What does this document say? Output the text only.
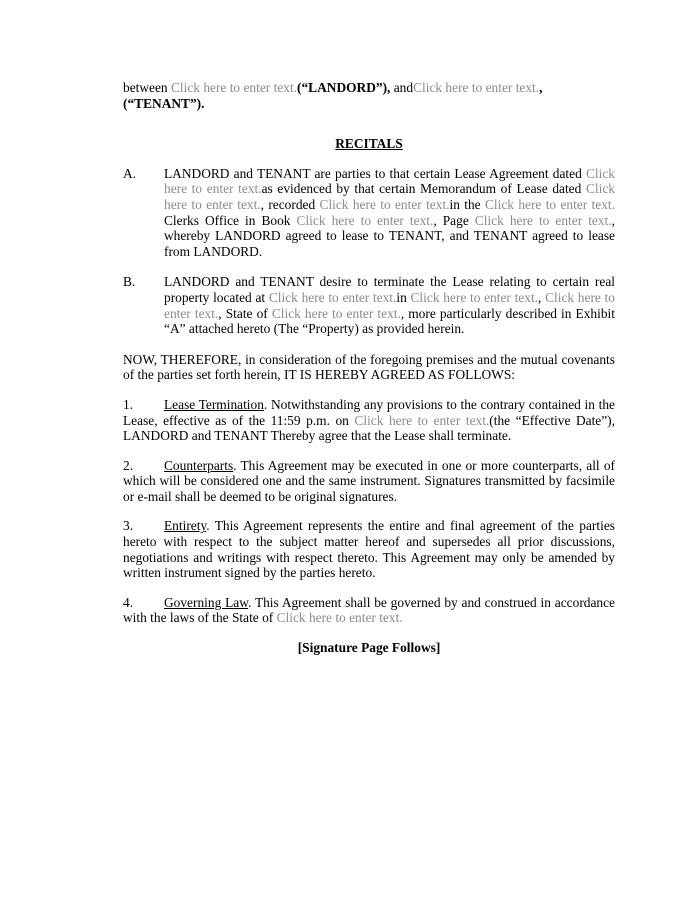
between Click here to enter text.(“LANDORD”), andClick here to enter text.,
(“TENANT”).

RECITALS

A.	LANDORD and TENANT are parties to that certain Lease Agreement dated Click here to enter text.as evidenced by that certain Memorandum of Lease dated Click here to enter text., recorded Click here to enter text.in the Click here to enter text. Clerks Office in Book Click here to enter text., Page Click here to enter text., whereby LANDORD agreed to lease to TENANT, and TENANT agreed to lease from LANDORD.
B.	LANDORD and TENANT desire to terminate the Lease relating to certain real property located at Click here to enter text.in Click here to enter text., Click here to enter text., State of Click here to enter text., more particularly described in Exhibit “A” attached hereto (The “Property) as provided herein.

NOW, THEREFORE, in consideration of the foregoing premises and the mutual covenants of the parties set forth herein, IT IS HEREBY AGREED AS FOLLOWS:

1. Lease Termination. Notwithstanding any provisions to the contrary contained in the Lease, effective as of the 11:59 p.m. on Click here to enter text.(the “Effective Date”), LANDORD and TENANT Thereby agree that the Lease shall terminate.

2. Counterparts. This Agreement may be executed in one or more counterparts, all of which will be considered one and the same instrument. Signatures transmitted by facsimile or e-mail shall be deemed to be original signatures.

3. Entirety. This Agreement represents the entire and final agreement of the parties hereto with respect to the subject matter hereof and supersedes all prior discussions, negotiations and writings with respect thereto. This Agreement may only be amended by written instrument signed by the parties hereto.

4. Governing Law. This Agreement shall be governed by and construed in accordance with the laws of the State of Click here to enter text.

[Signature Page Follows]
